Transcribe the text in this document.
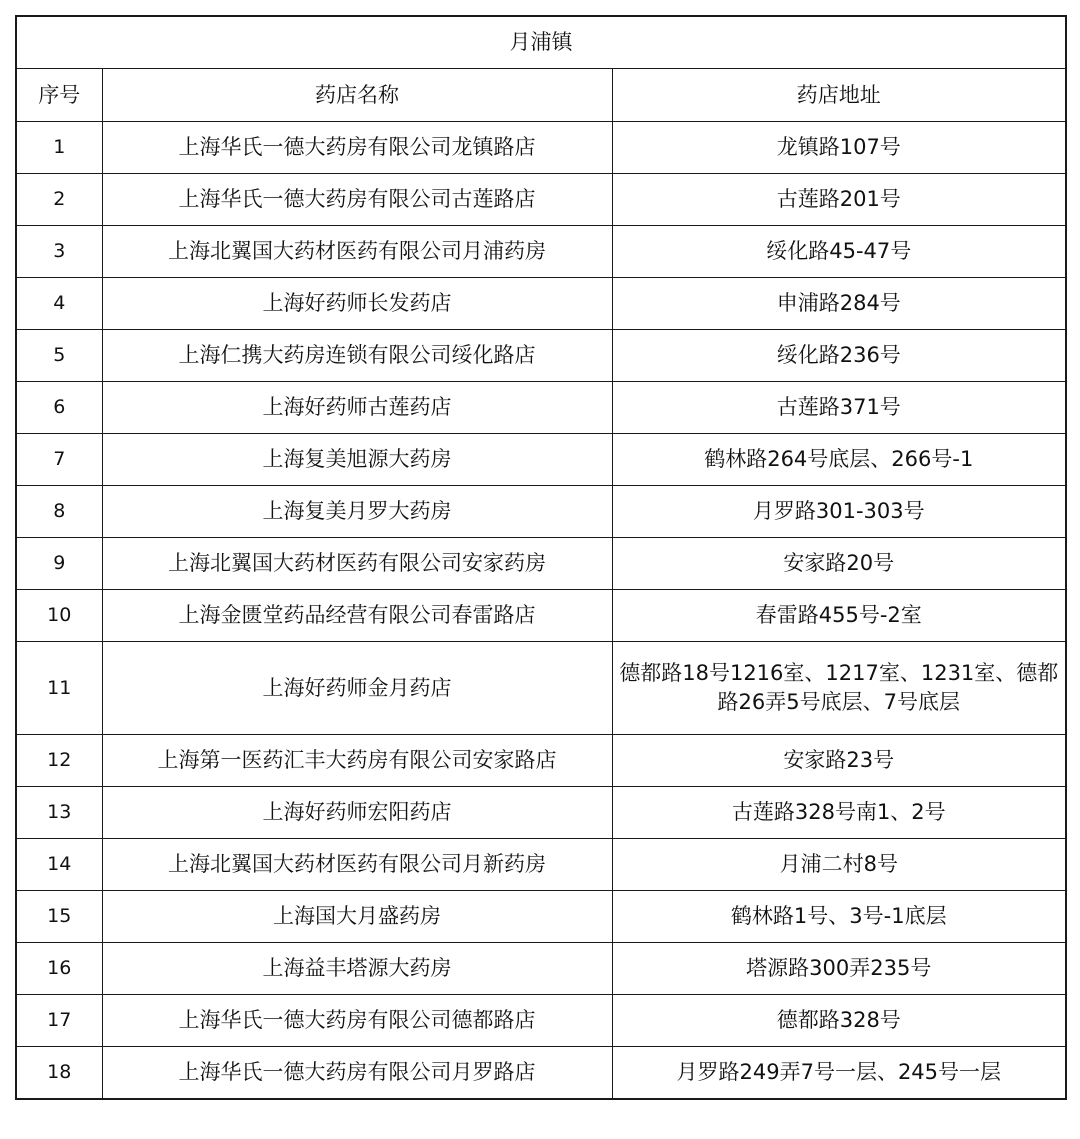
月浦镇		
序号	药店名称	药店地址
1	上海华氏一德大药房有限公司龙镇路店	龙镇路107号
2	上海华氏一德大药房有限公司古莲路店	古莲路201号
3	上海北翼国大药材医药有限公司月浦药房	绥化路45-47号
4	上海好药师长发药店	申浦路284号
5	上海仁携大药房连锁有限公司绥化路店	绥化路236号
6	上海好药师古莲药店	古莲路371号
7	上海复美旭源大药房	鹤林路264号底层、266号-1
8	上海复美月罗大药房	月罗路301-303号
9	上海北翼国大药材医药有限公司安家药房	安家路20号
10	上海金匮堂药品经营有限公司春雷路店	春雷路455号-2室
11	上海好药师金月药店	德都路18号1216室、1217室、1231室、德都路26弄5号底层、7号底层
12	上海第一医药汇丰大药房有限公司安家路店	安家路23号
13	上海好药师宏阳药店	古莲路328号南1、2号
14	上海北翼国大药材医药有限公司月新药房	月浦二村8号
15	上海国大月盛药房	鹤林路1号、3号-1底层
16	上海益丰塔源大药房	塔源路300弄235号
17	上海华氏一德大药房有限公司德都路店	德都路328号
18	上海华氏一德大药房有限公司月罗路店	月罗路249弄7号一层、245号一层
